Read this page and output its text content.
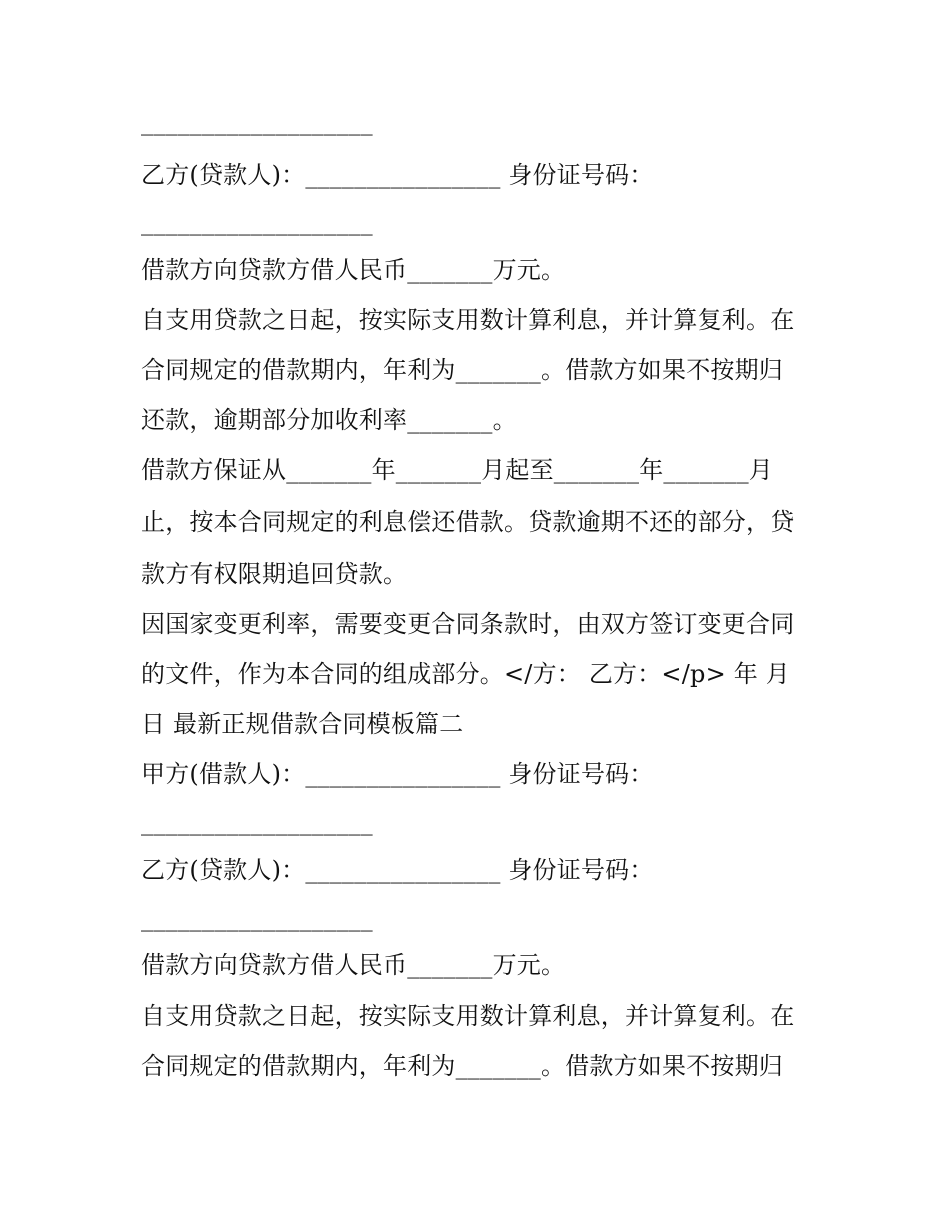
___________________
乙方(贷款人)：________________ 身份证号码：
___________________
借款方向贷款方借人民币_______万元。
自支用贷款之日起，按实际支用数计算利息，并计算复利。在
合同规定的借款期内，年利为_______。借款方如果不按期归
还款，逾期部分加收利率_______。
借款方保证从_______年_______月起至_______年_______月
止，按本合同规定的利息偿还借款。贷款逾期不还的部分，贷
款方有权限期追回贷款。
因国家变更利率，需要变更合同条款时，由双方签订变更合同
的文件，作为本合同的组成部分。</方： 乙方：</p> 年 月
日 最新正规借款合同模板篇二
甲方(借款人)：________________ 身份证号码：
___________________
乙方(贷款人)：________________ 身份证号码：
___________________
借款方向贷款方借人民币_______万元。
自支用贷款之日起，按实际支用数计算利息，并计算复利。在
合同规定的借款期内，年利为_______。借款方如果不按期归
